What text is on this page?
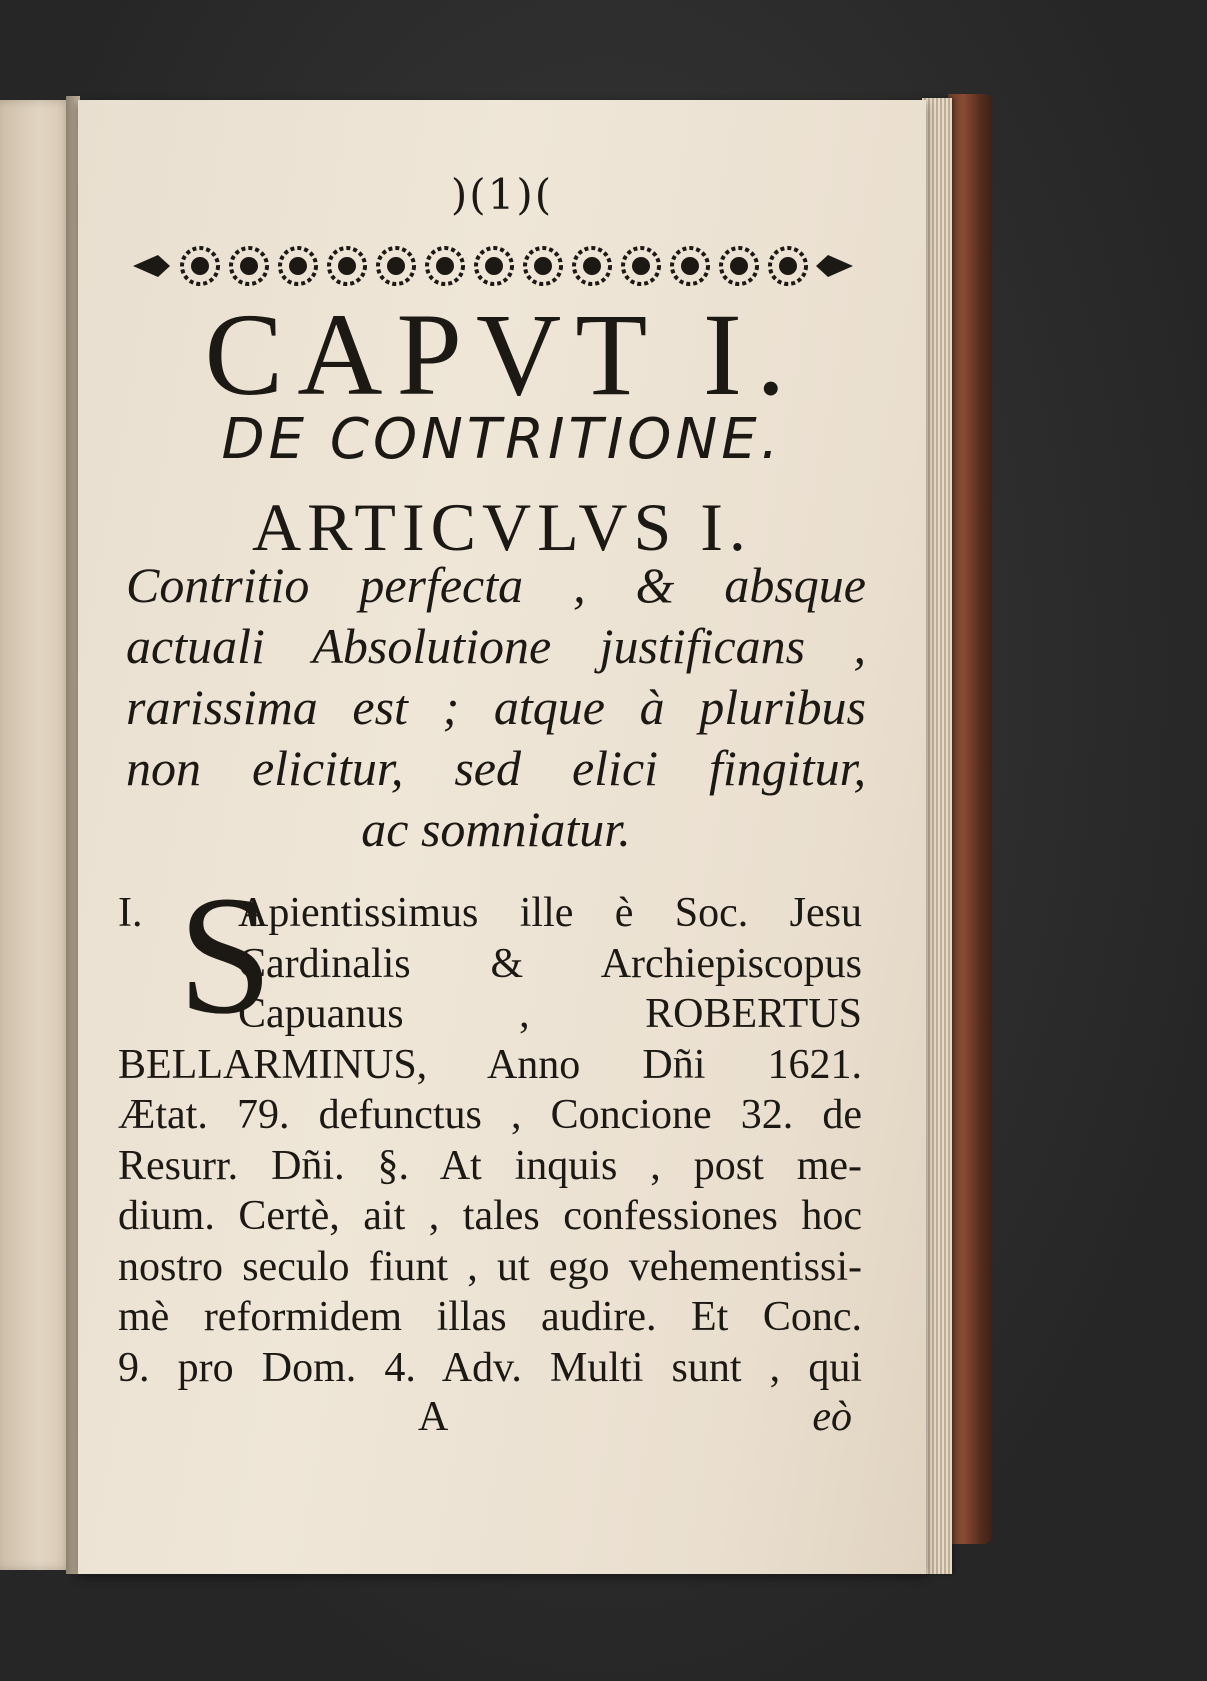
)(1)(
CAPVT I.
DE CONTRITIONE.
ARTICVLVS I.
Contritio perfecta , & absque
actuali Absolutione justificans ,
rarissima est ; atque à pluribus
non elicitur, sed elici fingitur,
ac somniatur.
I. S
Apientissimus ille è Soc. Jesu
Cardinalis & Archiepiscopus
Capuanus , ROBERTUS
BELLARMINUS, Anno Dñi 1621.
Ætat. 79. defunctus , Concione 32. de
Resurr. Dñi. §. At inquis , post me-
dium. Certè, ait , tales confessiones hoc
nostro seculo fiunt , ut ego vehementissi-
mè reformidem illas audire. Et Conc.
9. pro Dom. 4. Adv. Multi sunt , qui
A	eò
